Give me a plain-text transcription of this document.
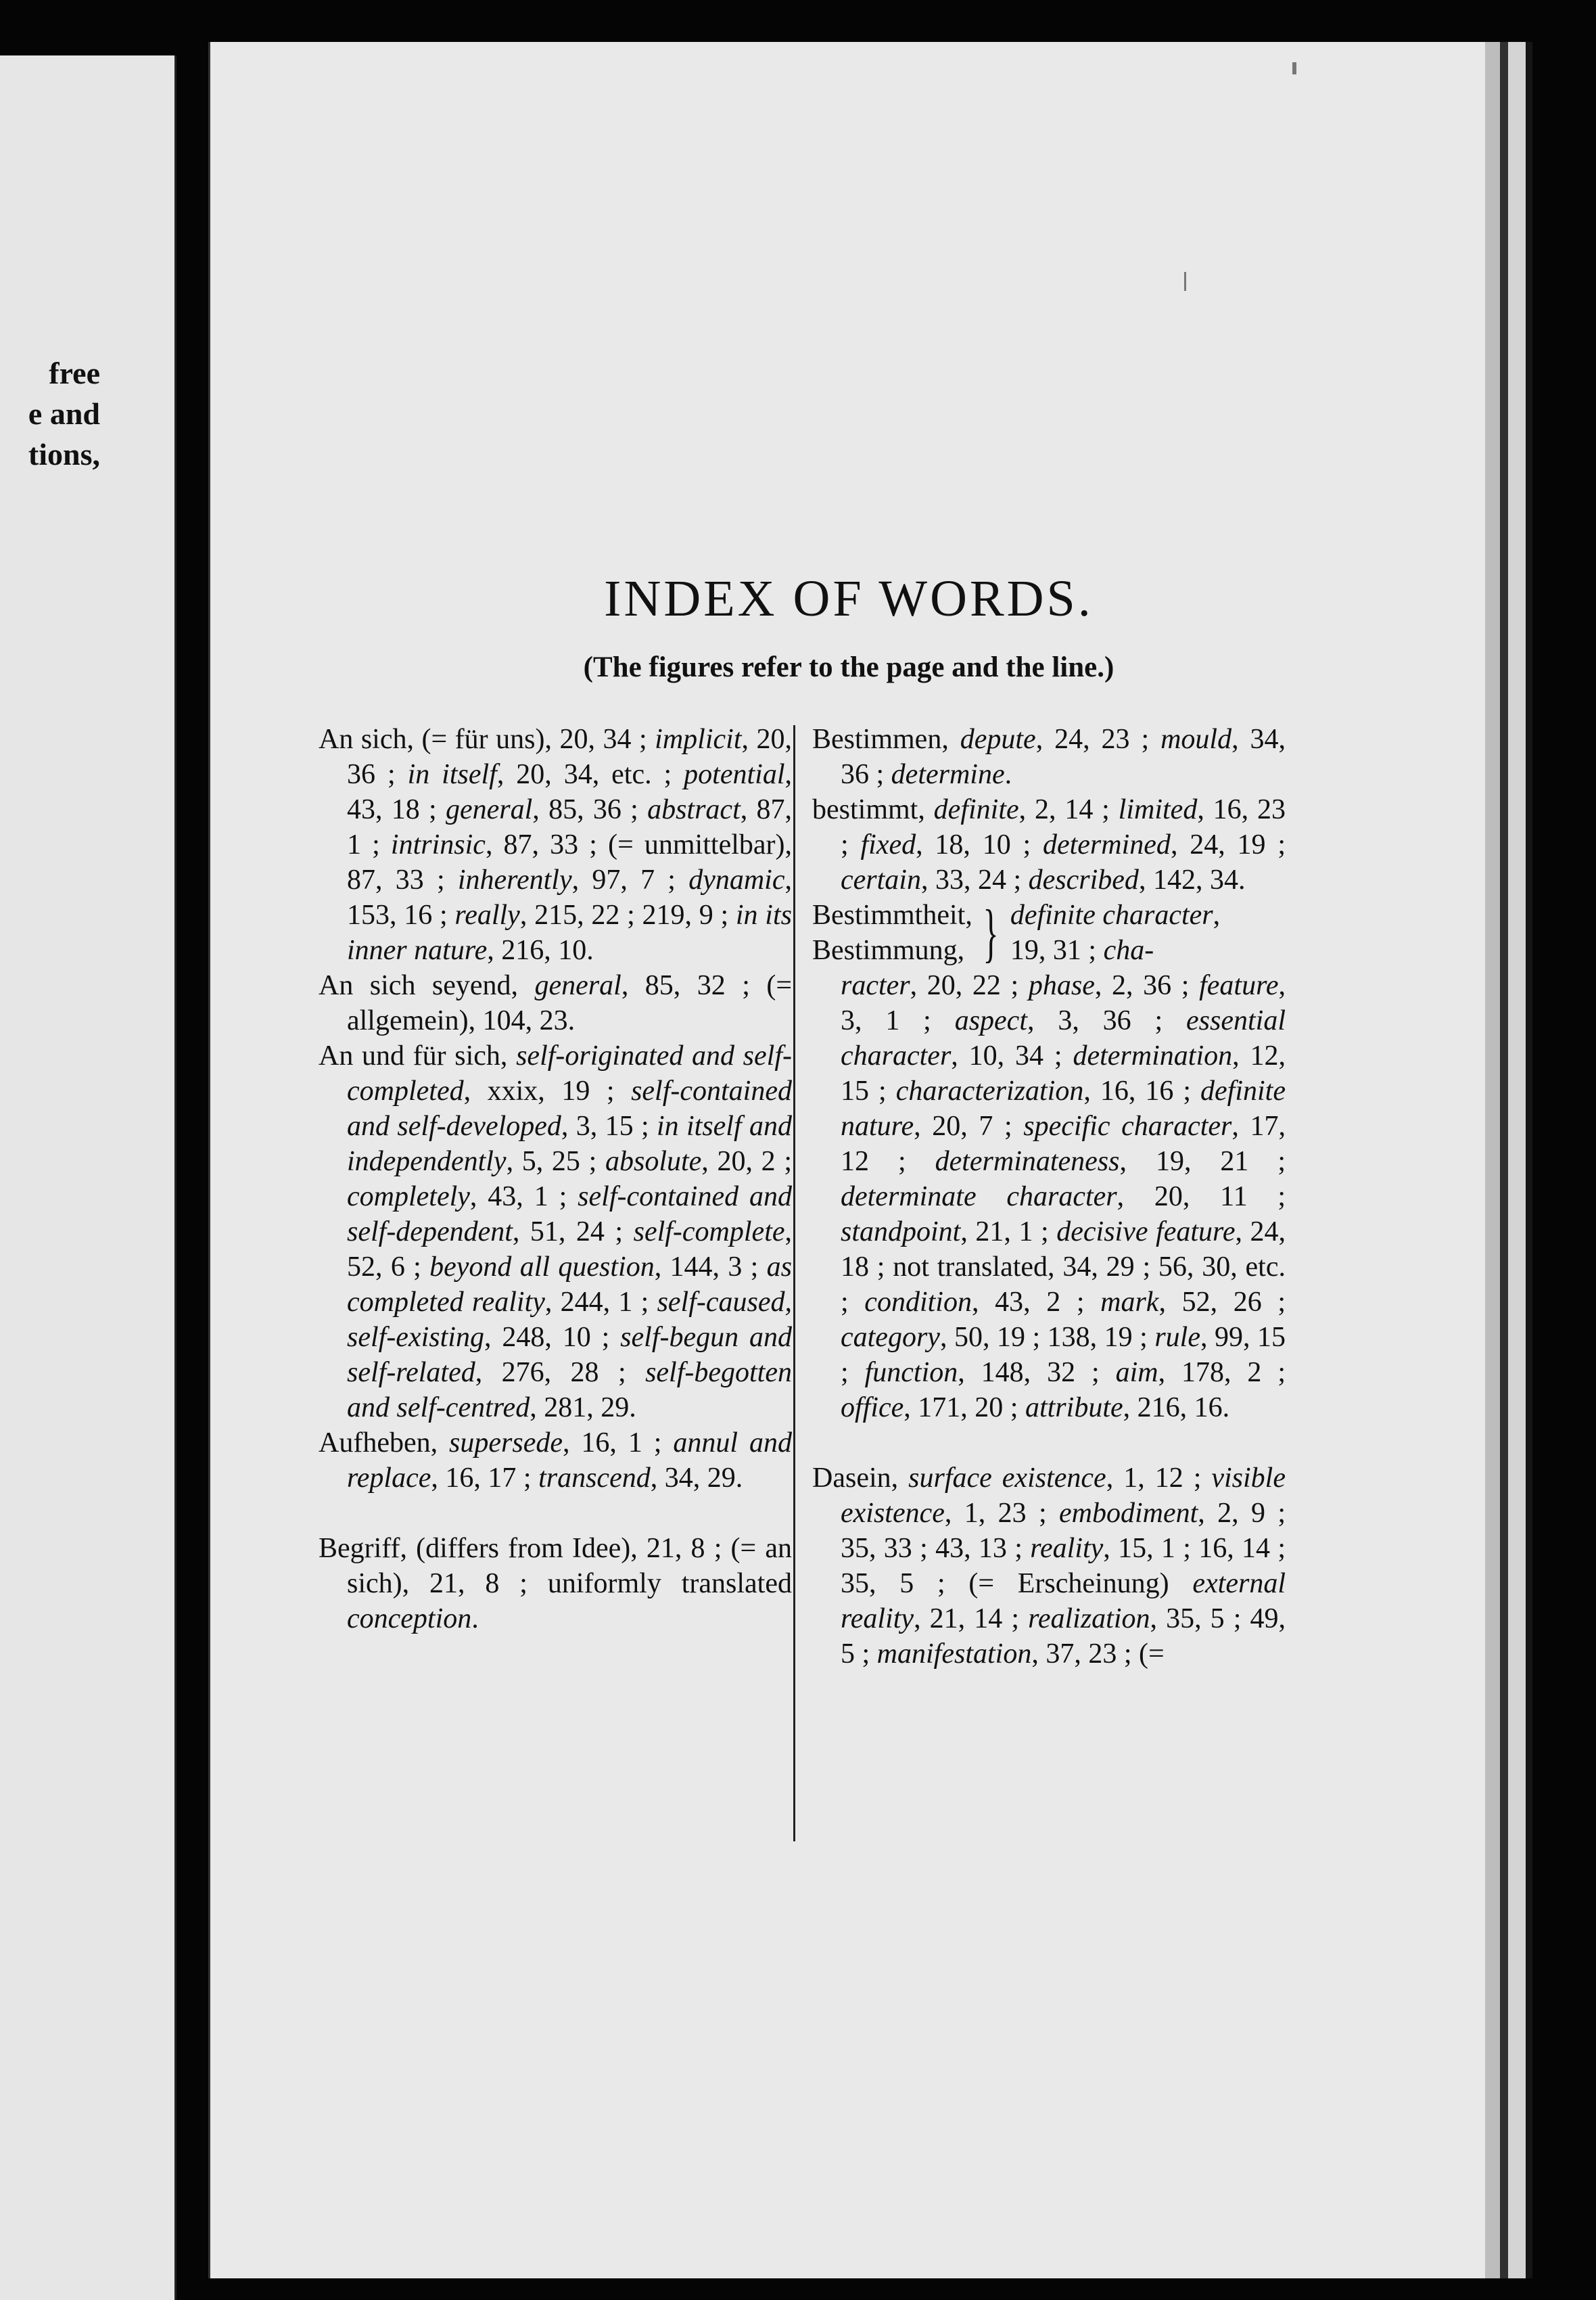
free
e and
tions,
INDEX OF WORDS.
(The figures refer to the page and the line.)
An sich, (= für uns), 20, 34 ; implicit, 20, 36 ; in itself, 20, 34, etc. ; potential, 43, 18 ; general, 85, 36 ; abstract, 87, 1 ; intrinsic, 87, 33 ; (= unmittelbar), 87, 33 ; inherently, 97, 7 ; dynamic, 153, 16 ; really, 215, 22 ; 219, 9 ; in its inner nature, 216, 10.
An sich seyend, general, 85, 32 ; (= allgemein), 104, 23.
An und für sich, self-originated and self-completed, xxix, 19 ; self-contained and self-developed, 3, 15 ; in itself and independently, 5, 25 ; absolute, 20, 2 ; completely, 43, 1 ; self-contained and self-dependent, 51, 24 ; self-complete, 52, 6 ; beyond all question, 144, 3 ; as completed reality, 244, 1 ; self-caused, self-existing, 248, 10 ; self-begun and self-related, 276, 28 ; self-begotten and self-centred, 281, 29.
Aufheben, supersede, 16, 1 ; annul and replace, 16, 17 ; transcend, 34, 29.
Begriff, (differs from Idee), 21, 8 ; (= an sich), 21, 8 ; uniformly translated conception.
Bestimmen, depute, 24, 23 ; mould, 34, 36 ; determine.
bestimmt, definite, 2, 14 ; limited, 16, 23 ; fixed, 18, 10 ; determined, 24, 19 ; certain, 33, 24 ; described, 142, 34.
Bestimmtheit,
Bestimmung, } definite character,
19, 31 ; cha-
racter, 20, 22 ; phase, 2, 36 ; feature, 3, 1 ; aspect, 3, 36 ; essential character, 10, 34 ; determination, 12, 15 ; characterization, 16, 16 ; definite nature, 20, 7 ; specific character, 17, 12 ; determinateness, 19, 21 ; determinate character, 20, 11 ; standpoint, 21, 1 ; decisive feature, 24, 18 ; not translated, 34, 29 ; 56, 30, etc. ; condition, 43, 2 ; mark, 52, 26 ; category, 50, 19 ; 138, 19 ; rule, 99, 15 ; function, 148, 32 ; aim, 178, 2 ; office, 171, 20 ; attribute, 216, 16.
Dasein, surface existence, 1, 12 ; visible existence, 1, 23 ; embodiment, 2, 9 ; 35, 33 ; 43, 13 ; reality, 15, 1 ; 16, 14 ; 35, 5 ; (= Erscheinung) external reality, 21, 14 ; realization, 35, 5 ; 49, 5 ; manifestation, 37, 23 ; (=
